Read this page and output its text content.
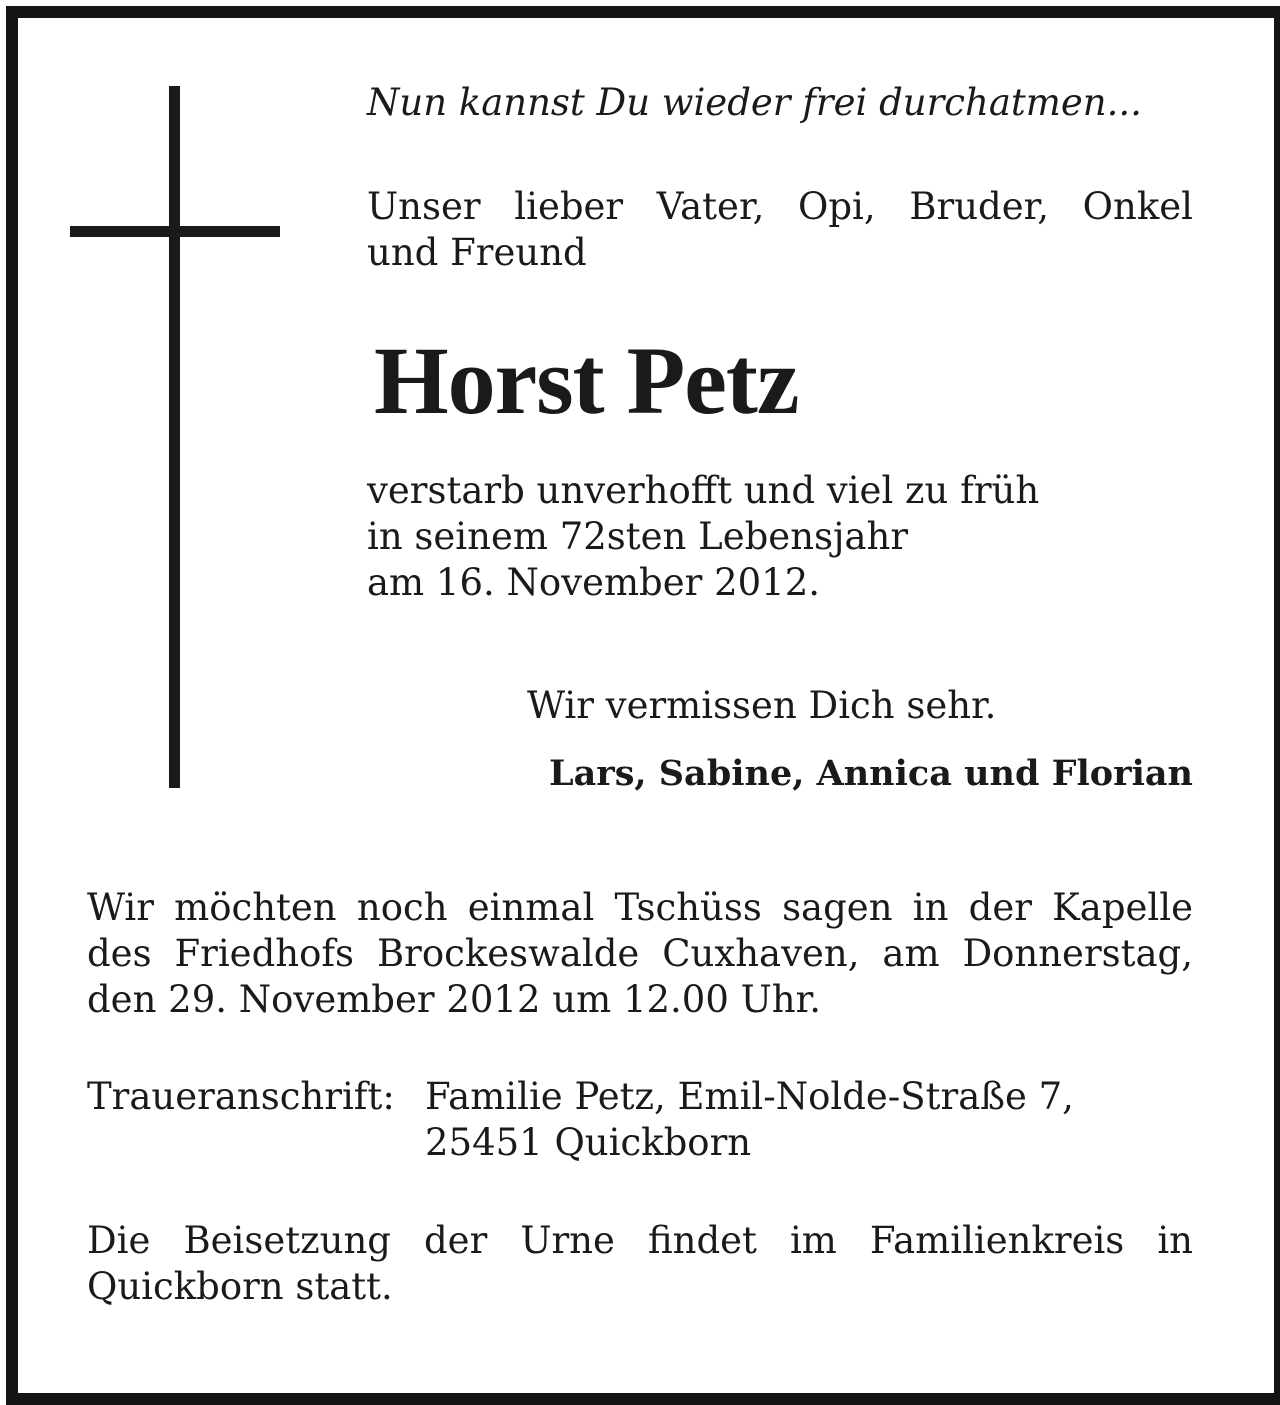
Nun kannst Du wieder frei durchatmen...
Unser lieber Vater, Opi, Bruder, Onkel
und Freund
Horst Petz
verstarb unverhofft und viel zu früh
in seinem 72sten Lebensjahr
am 16. November 2012.
Wir vermissen Dich sehr.
Lars, Sabine, Annica und Florian
Wir möchten noch einmal Tschüss sagen in der Kapelle
des Friedhofs Brockeswalde Cuxhaven, am Donnerstag,
den 29. November 2012 um 12.00 Uhr.
Traueranschrift: Familie Petz, Emil-Nolde-Straße 7,
25451 Quickborn
Die Beisetzung der Urne findet im Familienkreis in
Quickborn statt.
